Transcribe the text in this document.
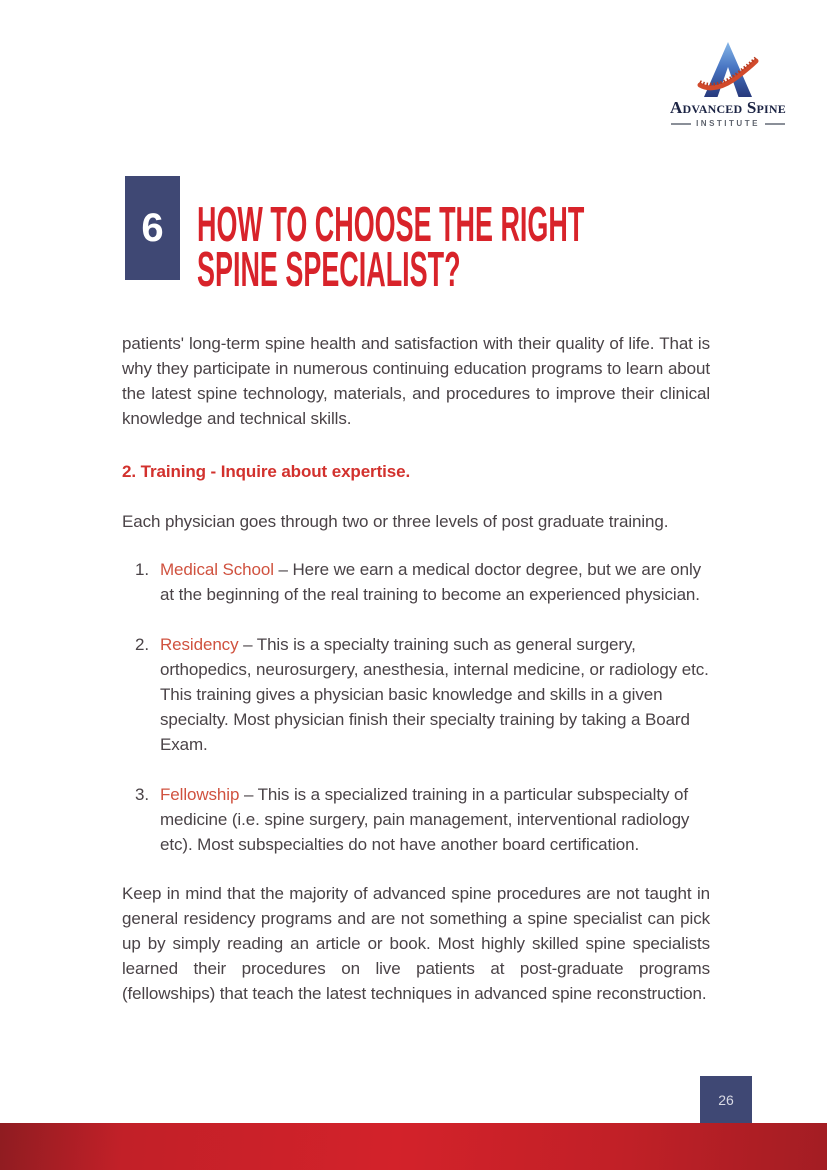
Advanced Spine
INSTITUTE
6 HOW TO CHOOSE THE RIGHT
SPINE SPECIALIST?

patients' long-term spine health and satisfaction with their quality of life. That is why they participate in numerous continuing education programs to learn about the latest spine technology, materials, and procedures to improve their clinical knowledge and technical skills.

2. Training - Inquire about expertise.

Each physician goes through two or three levels of post graduate training.

1. Medical School – Here we earn a medical doctor degree, but we are only at the beginning of the real training to become an experienced physician.
2. Residency – This is a specialty training such as general surgery, orthopedics, neurosurgery, anesthesia, internal medicine, or radiology etc. This training gives a physician basic knowledge and skills in a given specialty. Most physician finish their specialty training by taking a Board Exam.
3. Fellowship – This is a specialized training in a particular subspecialty of medicine (i.e. spine surgery, pain management, interventional radiology etc). Most subspecialties do not have another board certification.

Keep in mind that the majority of advanced spine procedures are not taught in general residency programs and are not something a spine specialist can pick up by simply reading an article or book. Most highly skilled spine specialists learned their procedures on live patients at post-graduate programs (fellowships) that teach the latest techniques in advanced spine reconstruction.

26
